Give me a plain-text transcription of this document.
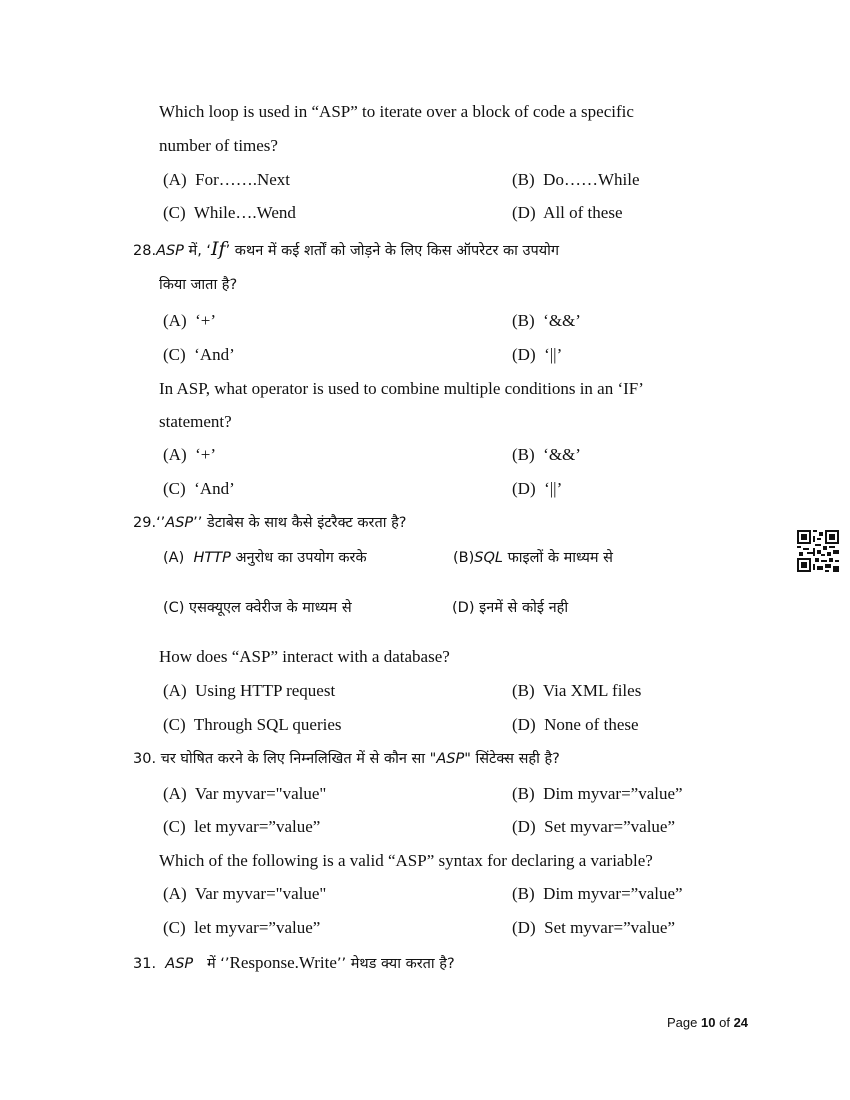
Which loop is used in “ASP” to iterate over a block of code a specific
number of times?
(A) For…….Next	(B) Do……While
(C) While….Wend	(D) All of these
28.ASP में, ‘If’ कथन में कई शर्तों को जोड़ने के लिए किस ऑपरेटर का उपयोग
किया जाता है?
(A) ‘+’	(B) ‘&&’
(C) ‘And’	(D) ‘||’
In ASP, what operator is used to combine multiple conditions in an ‘IF’
statement?
(A) ‘+’	(B) ‘&&’
(C) ‘And’	(D) ‘||’
29.‘’ASP’’ डेटाबेस के साथ कैसे इंटरैक्ट करता है?
(A) HTTP अनुरोध का उपयोग करके	(B)SQL फाइलों के माध्यम से
(C) एसक्यूएल क्वेरीज के माध्यम से	(D) इनमें से कोई नही
How does “ASP” interact with a database?
(A) Using HTTP request	(B) Via XML files
(C) Through SQL queries	(D) None of these
30. चर घोषित करने के लिए निम्नलिखित में से कौन सा "ASP" सिंटेक्स सही है?
(A) Var myvar="value"	(B) Dim myvar=”value”
(C) let myvar=”value”	(D) Set myvar=”value”
Which of the following is a valid “ASP” syntax for declaring a variable?
(A) Var myvar="value"	(B) Dim myvar=”value”
(C) let myvar=”value”	(D) Set myvar=”value”
31. ASP में ‘’Response.Write’’ मेथड क्या करता है?
Page 10 of 24
